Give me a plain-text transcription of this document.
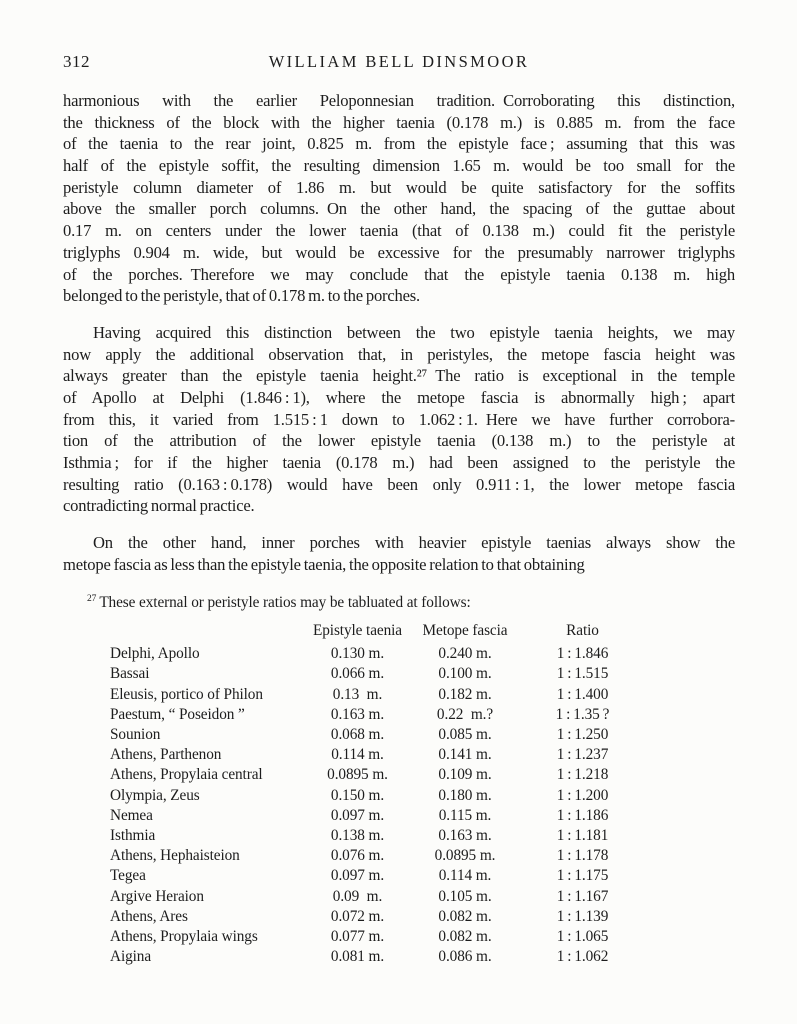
312	WILLIAM BELL DINSMOOR
harmonious with the earlier Peloponnesian tradition. Corroborating this distinction,
the thickness of the block with the higher taenia (0.178 m.) is 0.885 m. from the face
of the taenia to the rear joint, 0.825 m. from the epistyle face ; assuming that this was
half of the epistyle soffit, the resulting dimension 1.65 m. would be too small for the
peristyle column diameter of 1.86 m. but would be quite satisfactory for the soffits
above the smaller porch columns. On the other hand, the spacing of the guttae about
0.17 m. on centers under the lower taenia (that of 0.138 m.) could fit the peristyle
triglyphs 0.904 m. wide, but would be excessive for the presumably narrower triglyphs
of the porches. Therefore we may conclude that the epistyle taenia 0.138 m. high
belonged to the peristyle, that of 0.178 m. to the porches.
Having acquired this distinction between the two epistyle taenia heights, we may
now apply the additional observation that, in peristyles, the metope fascia height was
always greater than the epistyle taenia height.²⁷ The ratio is exceptional in the temple
of Apollo at Delphi (1.846 : 1), where the metope fascia is abnormally high ; apart
from this, it varied from 1.515 : 1 down to 1.062 : 1. Here we have further corrobora-
tion of the attribution of the lower epistyle taenia (0.138 m.) to the peristyle at
Isthmia ; for if the higher taenia (0.178 m.) had been assigned to the peristyle the
resulting ratio (0.163 : 0.178) would have been only 0.911 : 1, the lower metope fascia
contradicting normal practice.
On the other hand, inner porches with heavier epistyle taenias always show the
metope fascia as less than the epistyle taenia, the opposite relation to that obtaining
$^{27}$ These external or peristyle ratios may be tabluated at follows:
	Epistyle taenia	Metope fascia	Ratio
Delphi, Apollo	0.130 m.	0.240 m.	1 : 1.846
Bassai	0.066 m.	0.100 m.	1 : 1.515
Eleusis, portico of Philon	0.13 m.	0.182 m.	1 : 1.400
Paestum, “ Poseidon ”	0.163 m.	0.22 m.?	1 : 1.35 ?
Sounion	0.068 m.	0.085 m.	1 : 1.250
Athens, Parthenon	0.114 m.	0.141 m.	1 : 1.237
Athens, Propylaia central	0.0895 m.	0.109 m.	1 : 1.218
Olympia, Zeus	0.150 m.	0.180 m.	1 : 1.200
Nemea	0.097 m.	0.115 m.	1 : 1.186
Isthmia	0.138 m.	0.163 m.	1 : 1.181
Athens, Hephaisteion	0.076 m.	0.0895 m.	1 : 1.178
Tegea	0.097 m.	0.114 m.	1 : 1.175
Argive Heraion	0.09 m.	0.105 m.	1 : 1.167
Athens, Ares	0.072 m.	0.082 m.	1 : 1.139
Athens, Propylaia wings	0.077 m.	0.082 m.	1 : 1.065
Aigina	0.081 m.	0.086 m.	1 : 1.062
